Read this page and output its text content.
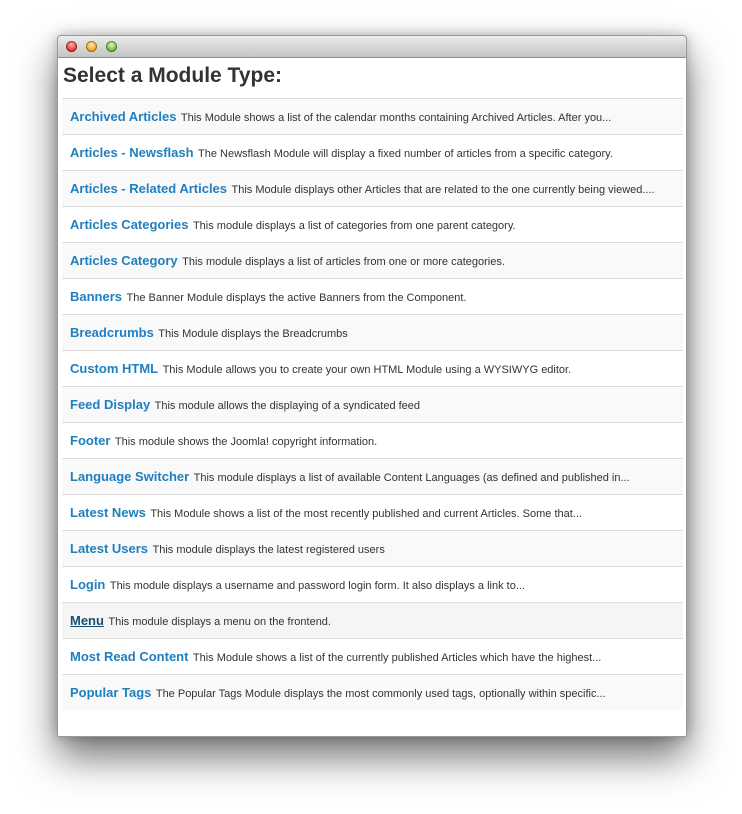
Select a Module Type:
Archived Articles This Module shows a list of the calendar months containing Archived Articles. After you...
Articles - Newsflash The Newsflash Module will display a fixed number of articles from a specific category.
Articles - Related Articles This Module displays other Articles that are related to the one currently being viewed....
Articles Categories This module displays a list of categories from one parent category.
Articles Category This module displays a list of articles from one or more categories.
Banners The Banner Module displays the active Banners from the Component.
Breadcrumbs This Module displays the Breadcrumbs
Custom HTML This Module allows you to create your own HTML Module using a WYSIWYG editor.
Feed Display This module allows the displaying of a syndicated feed
Footer This module shows the Joomla! copyright information.
Language Switcher This module displays a list of available Content Languages (as defined and published in...
Latest News This Module shows a list of the most recently published and current Articles. Some that...
Latest Users This module displays the latest registered users
Login This module displays a username and password login form. It also displays a link to...
Menu This module displays a menu on the frontend.
Most Read Content This Module shows a list of the currently published Articles which have the highest...
Popular Tags The Popular Tags Module displays the most commonly used tags, optionally within specific...
